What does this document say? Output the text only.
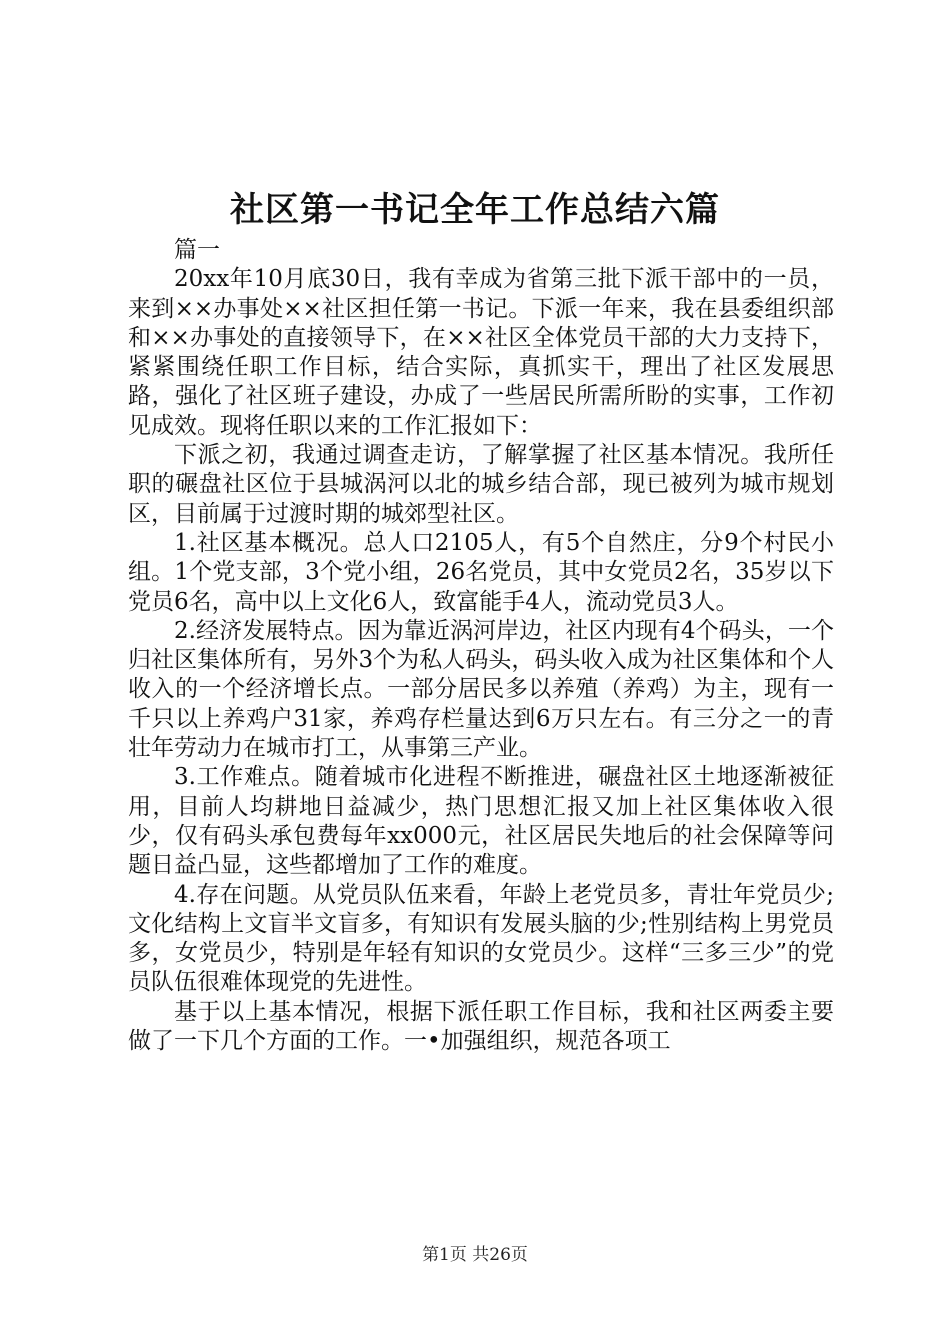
社区第一书记全年工作总结六篇

篇一

20xx年10月底30日，我有幸成为省第三批下派干部中的一员，来到××办事处××社区担任第一书记。下派一年来，我在县委组织部和××办事处的直接领导下，在××社区全体党员干部的大力支持下，紧紧围绕任职工作目标，结合实际，真抓实干，理出了社区发展思路，强化了社区班子建设，办成了一些居民所需所盼的实事，工作初见成效。现将任职以来的工作汇报如下：

下派之初，我通过调查走访，了解掌握了社区基本情况。我所任职的碾盘社区位于县城涡河以北的城乡结合部，现已被列为城市规划区，目前属于过渡时期的城郊型社区。

1.社区基本概况。总人口2105人，有5个自然庄，分9个村民小组。1个党支部，3个党小组，26名党员，其中女党员2名，35岁以下党员6名，高中以上文化6人，致富能手4人，流动党员3人。

2.经济发展特点。因为靠近涡河岸边，社区内现有4个码头，一个归社区集体所有，另外3个为私人码头，码头收入成为社区集体和个人收入的一个经济增长点。一部分居民多以养殖（养鸡）为主，现有一千只以上养鸡户31家，养鸡存栏量达到6万只左右。有三分之一的青壮年劳动力在城市打工，从事第三产业。

3.工作难点。随着城市化进程不断推进，碾盘社区土地逐渐被征用，目前人均耕地日益减少，热门思想汇报又加上社区集体收入很少，仅有码头承包费每年xx000元，社区居民失地后的社会保障等问题日益凸显，这些都增加了工作的难度。

4.存在问题。从党员队伍来看，年龄上老党员多，青壮年党员少;文化结构上文盲半文盲多，有知识有发展头脑的少;性别结构上男党员多，女党员少，特别是年轻有知识的女党员少。这样“三多三少”的党员队伍很难体现党的先进性。

基于以上基本情况，根据下派任职工作目标，我和社区两委主要做了一下几个方面的工作。一•加强组织，规范各项工

第1页 共26页
